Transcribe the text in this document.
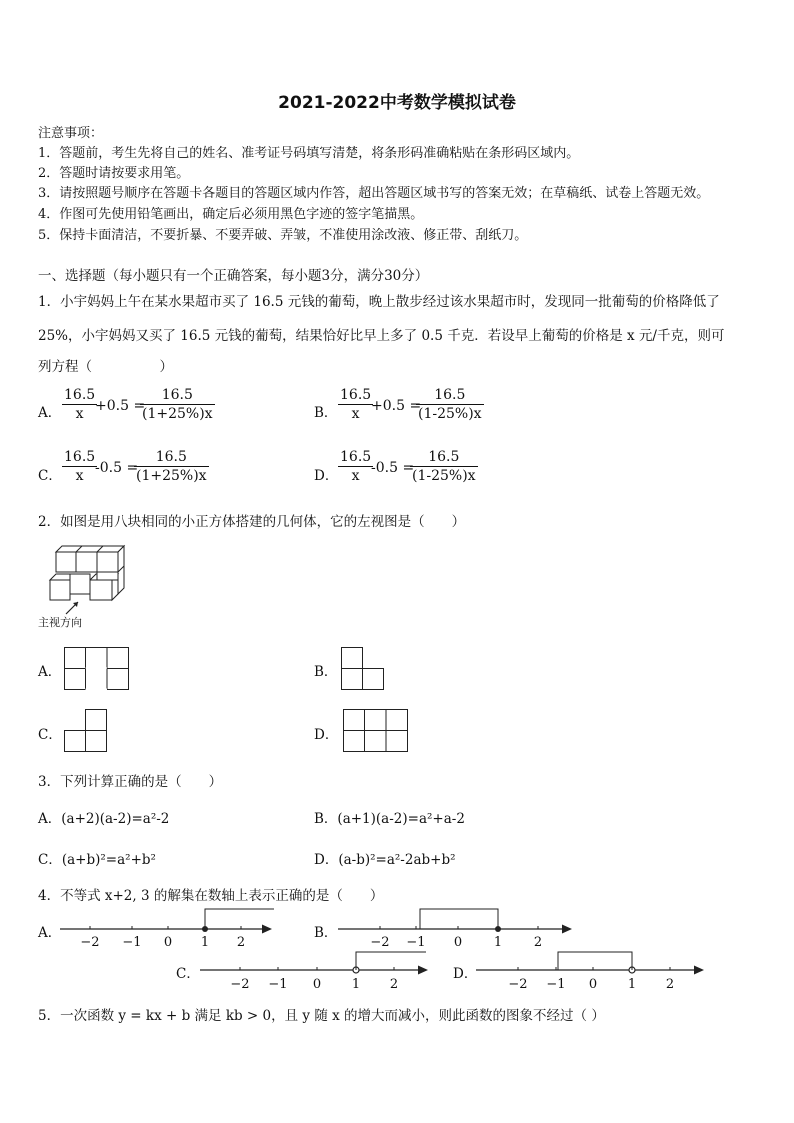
2021-2022中考数学模拟试卷
注意事项：
1．答题前，考生先将自己的姓名、准考证号码填写清楚，将条形码准确粘贴在条形码区域内。
2．答题时请按要求用笔。
3．请按照题号顺序在答题卡各题目的答题区域内作答，超出答题区域书写的答案无效；在草稿纸、试卷上答题无效。
4．作图可先使用铅笔画出，确定后必须用黑色字迹的签字笔描黑。
5．保持卡面清洁，不要折暴、不要弄破、弄皱，不准使用涂改液、修正带、刮纸刀。
一、选择题（每小题只有一个正确答案，每小题3分，满分30分）
1．小宇妈妈上午在某水果超市买了 16.5 元钱的葡萄，晚上散步经过该水果超市时，发现同一批葡萄的价格降低了
25%，小宇妈妈又买了 16.5 元钱的葡萄，结果恰好比早上多了 0.5 千克．若设早上葡萄的价格是 x 元/千克，则可
列方程（　　　　　）
A．
16.5
x +0.5 =
16.5
(1+25%)x	B．
16.5
x +0.5 =
16.5
(1-25%)x
C．
16.5
x -0.5 =
16.5
(1+25%)x	D．
16.5
x -0.5 =
16.5
(1-25%)x
2．如图是用八块相同的小正方体搭建的几何体，它的左视图是（　　）
主视方向
A．	B．
C．	D．
3．下列计算正确的是（　　）
A．(a+2)(a-2)=a²-2	B．(a+1)(a-2)=a²+a-2
C．(a+b)²=a²+b²	D．(a-b)²=a²-2ab+b²
4．不等式 x+2, 3 的解集在数轴上表示正确的是（　　）
A．
−2 −1 0 1 2
B．
−2 −1 0 1 2
C．
−2 −1 0 1 2
D．
−2 −1 0 1 2
5．一次函数 y = kx + b 满足 kb > 0，且 y 随 x 的增大而减小，则此函数的图象不经过（ ）
